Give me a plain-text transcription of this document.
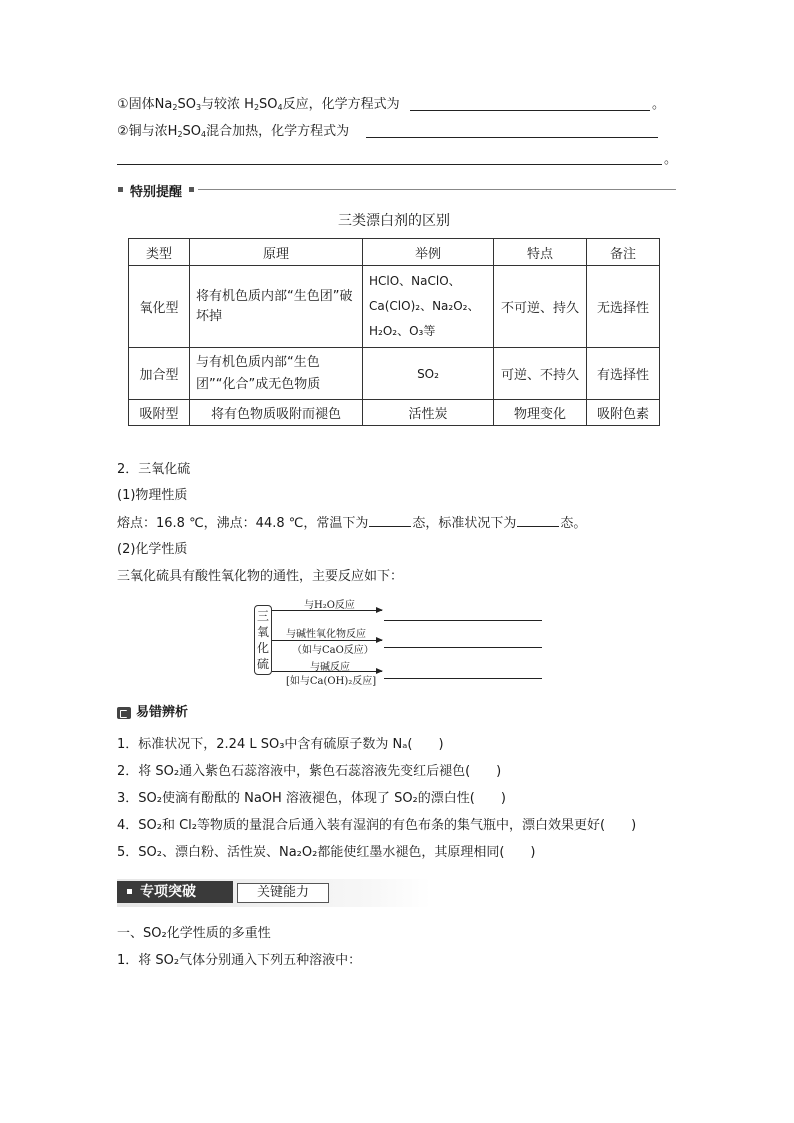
①固体$Na_2SO_3$与较浓 $H_2SO_4$反应，化学方程式为	。
②铜与浓$H_2SO_4$混合加热，化学方程式为
。
特别提醒
三类漂白剂的区别
类型	原理	举例	特点	备注
氧化型	将有机色质内部“生色团”破坏掉	HClO、NaClO、Ca(ClO)₂、Na₂O₂、H₂O₂、O₃等	不可逆、持久	无选择性
加合型	与有机色质内部“生色团”“化合”成无色物质	SO₂	可逆、不持久	有选择性
吸附型	将有色物质吸附而褪色	活性炭	物理变化	吸附色素
2．三氧化硫
(1)物理性质
熔点：16.8 ℃，沸点：44.8 ℃，常温下为	态，标准状况下为	态。
(2)化学性质
三氧化硫具有酸性氧化物的通性，主要反应如下：
三氧化硫
与H₂O反应
与碱性氧化物反应
（如与CaO反应）
与碱反应
[如与Ca(OH)₂反应]
易错辨析
1．标准状况下，2.24 L SO₃中含有硫原子数为 Nₐ(　　)
2．将 SO₂通入紫色石蕊溶液中，紫色石蕊溶液先变红后褪色(　　)
3．SO₂使滴有酚酞的 NaOH 溶液褪色，体现了 SO₂的漂白性(　　)
4．SO₂和 Cl₂等物质的量混合后通入装有湿润的有色布条的集气瓶中，漂白效果更好(　　)
5．SO₂、漂白粉、活性炭、Na₂O₂都能使红墨水褪色，其原理相同(　　)
专项突破	关键能力
一、SO₂化学性质的多重性
1．将 SO₂气体分别通入下列五种溶液中：
